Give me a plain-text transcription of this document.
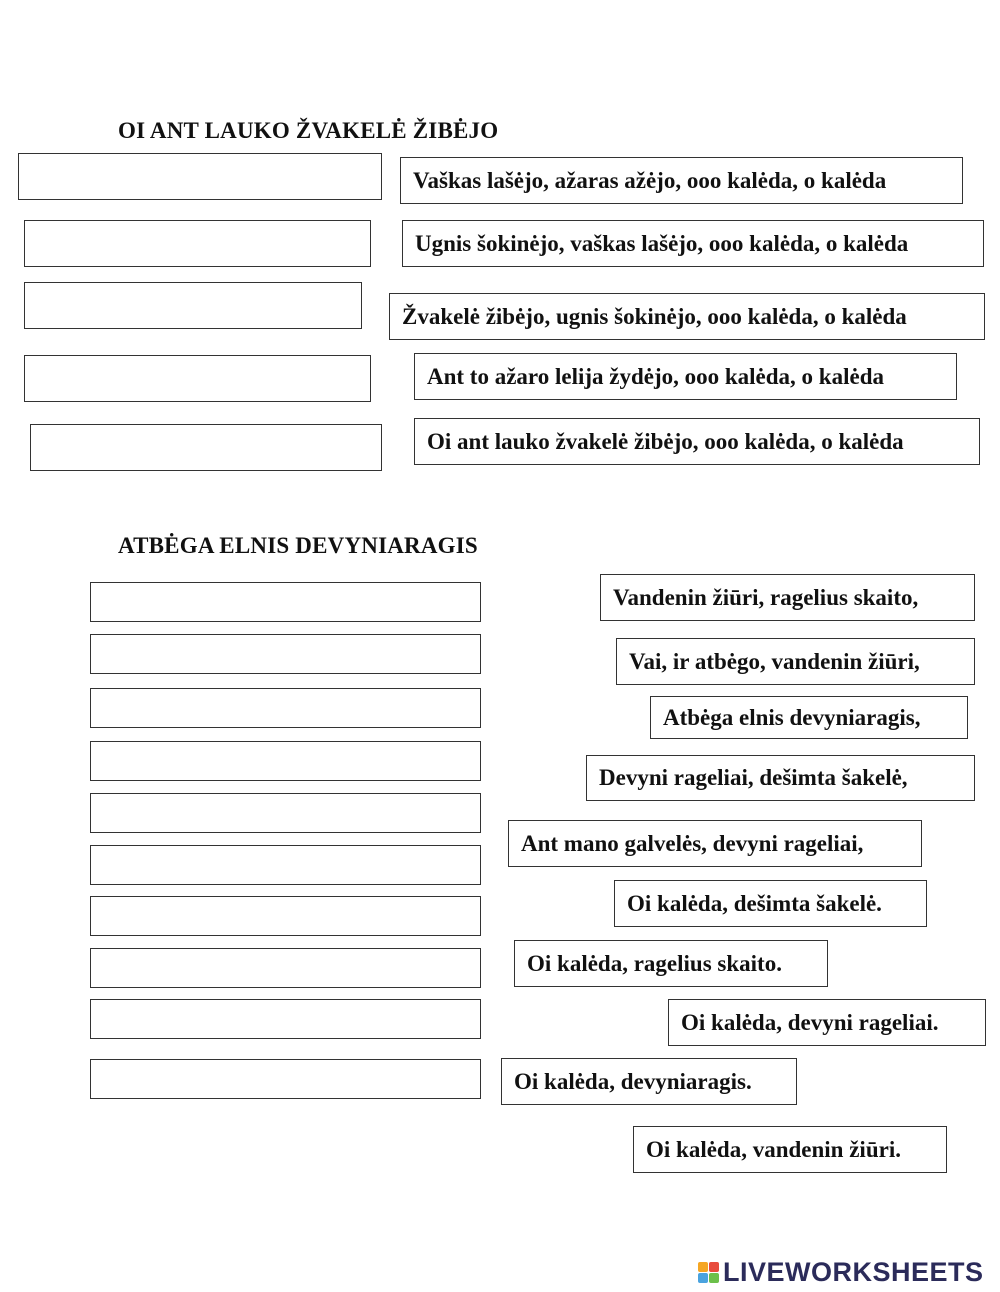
OI ANT LAUKO ŽVAKELĖ ŽIBĖJO
Vaškas lašėjo, ažaras ažėjo, ooo kalėda, o kalėda
Ugnis šokinėjo, vaškas lašėjo, ooo kalėda, o kalėda
Žvakelė žibėjo, ugnis šokinėjo, ooo kalėda, o kalėda
Ant to ažaro lelija žydėjo, ooo kalėda, o kalėda
Oi ant lauko žvakelė žibėjo, ooo kalėda, o kalėda
ATBĖGA ELNIS DEVYNIARAGIS
Vandenin žiūri, ragelius skaito,
Vai, ir atbėgo, vandenin žiūri,
Atbėga elnis devyniaragis,
Devyni rageliai, dešimta šakelė,
Ant mano galvelės, devyni rageliai,
Oi kalėda, dešimta šakelė.
Oi kalėda, ragelius skaito.
Oi kalėda, devyni rageliai.
Oi kalėda, devyniaragis.
Oi kalėda, vandenin žiūri.
LIVEWORKSHEETS
